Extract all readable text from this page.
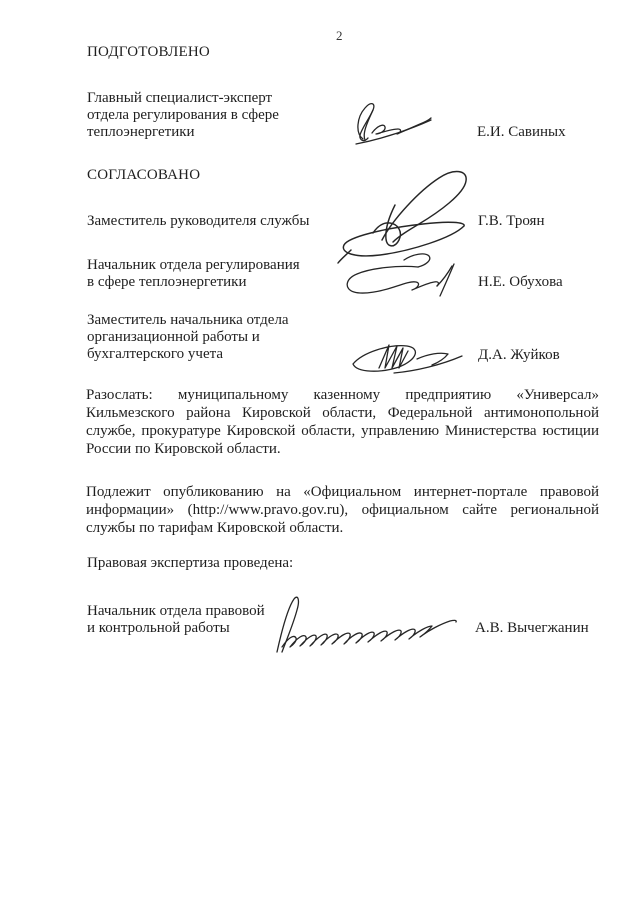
2
ПОДГОТОВЛЕНО
Главный специалист-эксперт
отдела регулирования в сфере
теплоэнергетики	Е.И. Савиных
СОГЛАСОВАНО
Заместитель руководителя службы	Г.В. Троян
Начальник отдела регулирования
в сфере теплоэнергетики	Н.Е. Обухова
Заместитель начальника отдела
организационной работы и
бухгалтерского учета	Д.А. Жуйков
Разослать: муниципальному казенному предприятию «Универсал»
Кильмезского района Кировской области, Федеральной антимонопольной
службе, прокуратуре Кировской области, управлению Министерства юстиции
России по Кировской области.
Подлежит опубликованию на «Официальном интернет-портале правовой
информации» (http://www.pravo.gov.ru), официальном сайте региональной
службы по тарифам Кировской области.
Правовая экспертиза проведена:
Начальник отдела правовой
и контрольной работы	А.В. Вычегжанин
